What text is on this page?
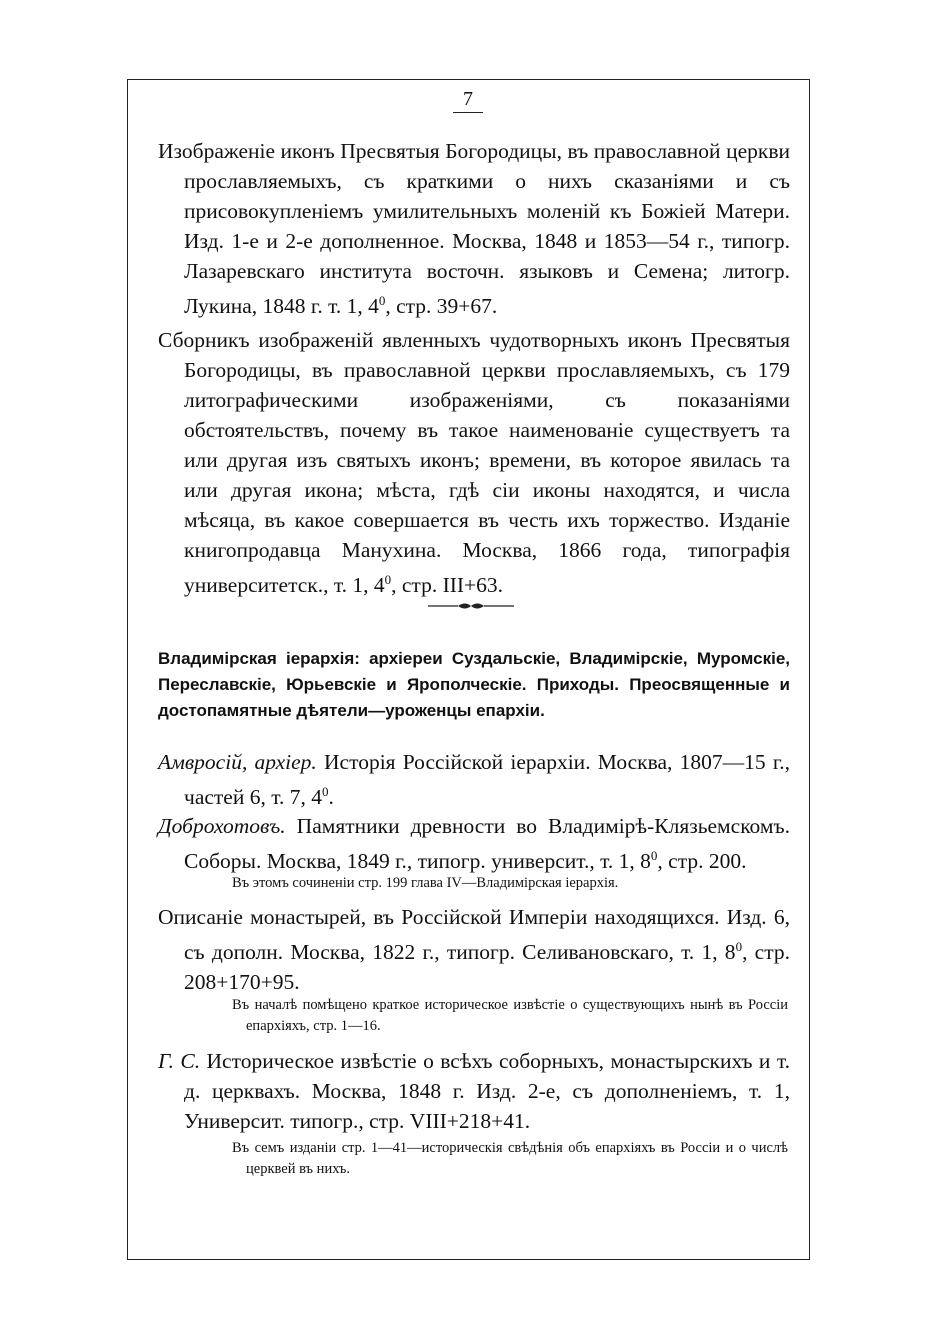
7
Изображеніе иконъ Пресвятыя Богородицы, въ православной церкви прославляемыхъ, съ краткими о нихъ сказаніями и съ присовокупленіемъ умилительныхъ моленій къ Божіей Матери. Изд. 1-е и 2-е дополненное. Москва, 1848 и 1853—54 г., типогр. Лазаревскаго института восточн. языковъ и Семена; литогр. Лукина, 1848 г. т. 1, $4^0$, стр. 39+67.
Сборникъ изображеній явленныхъ чудотворныхъ иконъ Пресвятыя Богородицы, въ православной церкви прославляемыхъ, съ 179 литографическими изображеніями, съ показаніями обстоятельствъ, почему въ такое наименованіе существуетъ та или другая изъ святыхъ иконъ; времени, въ которое явилась та или другая икона; мѣста, гдѣ сіи иконы находятся, и числа мѣсяца, въ какое совершается въ честь ихъ торжество. Изданіе книгопродавца Манухина. Москва, 1866 года, типографія университетск., т. 1, $4^0$, стр. III+63.
Владимірская іерархія: архіереи Суздальскіе, Владимірскіе, Муромскіе, Переславскіе, Юрьевскіе и Ярополческіе. Приходы. Преосвященные и достопамятные дѣятели—уроженцы епархіи.
Амвросій, архіер. Исторія Россійской іерархіи. Москва, 1807—15 г., частей 6, т. 7, $4^0$.
Доброхотовъ. Памятники древности во Владимірѣ-Клязьемскомъ. Соборы. Москва, 1849 г., типогр. университ., т. 1, $8^0$, стр. 200.
Въ этомъ сочиненіи стр. 199 глава IV—Владимірская іерархія.
Описаніе монастырей, въ Россійской Имперіи находящихся. Изд. 6, съ дополн. Москва, 1822 г., типогр. Селивановскаго, т. 1, $8^0$, стр. 208+170+95.
Въ началѣ помѣщено краткое историческое извѣстіе о существующихъ нынѣ въ Россіи епархіяхъ, стр. 1—16.
Г. С. Историческое извѣстіе о всѣхъ соборныхъ, монастырскихъ и т. д. церквахъ. Москва, 1848 г. Изд. 2-е, съ дополненіемъ, т. 1, Университ. типогр., стр. VIII+218+41.
Въ семъ изданіи стр. 1—41—историческія свѣдѣнія объ епархіяхъ въ Россіи и о числѣ церквей въ нихъ.
